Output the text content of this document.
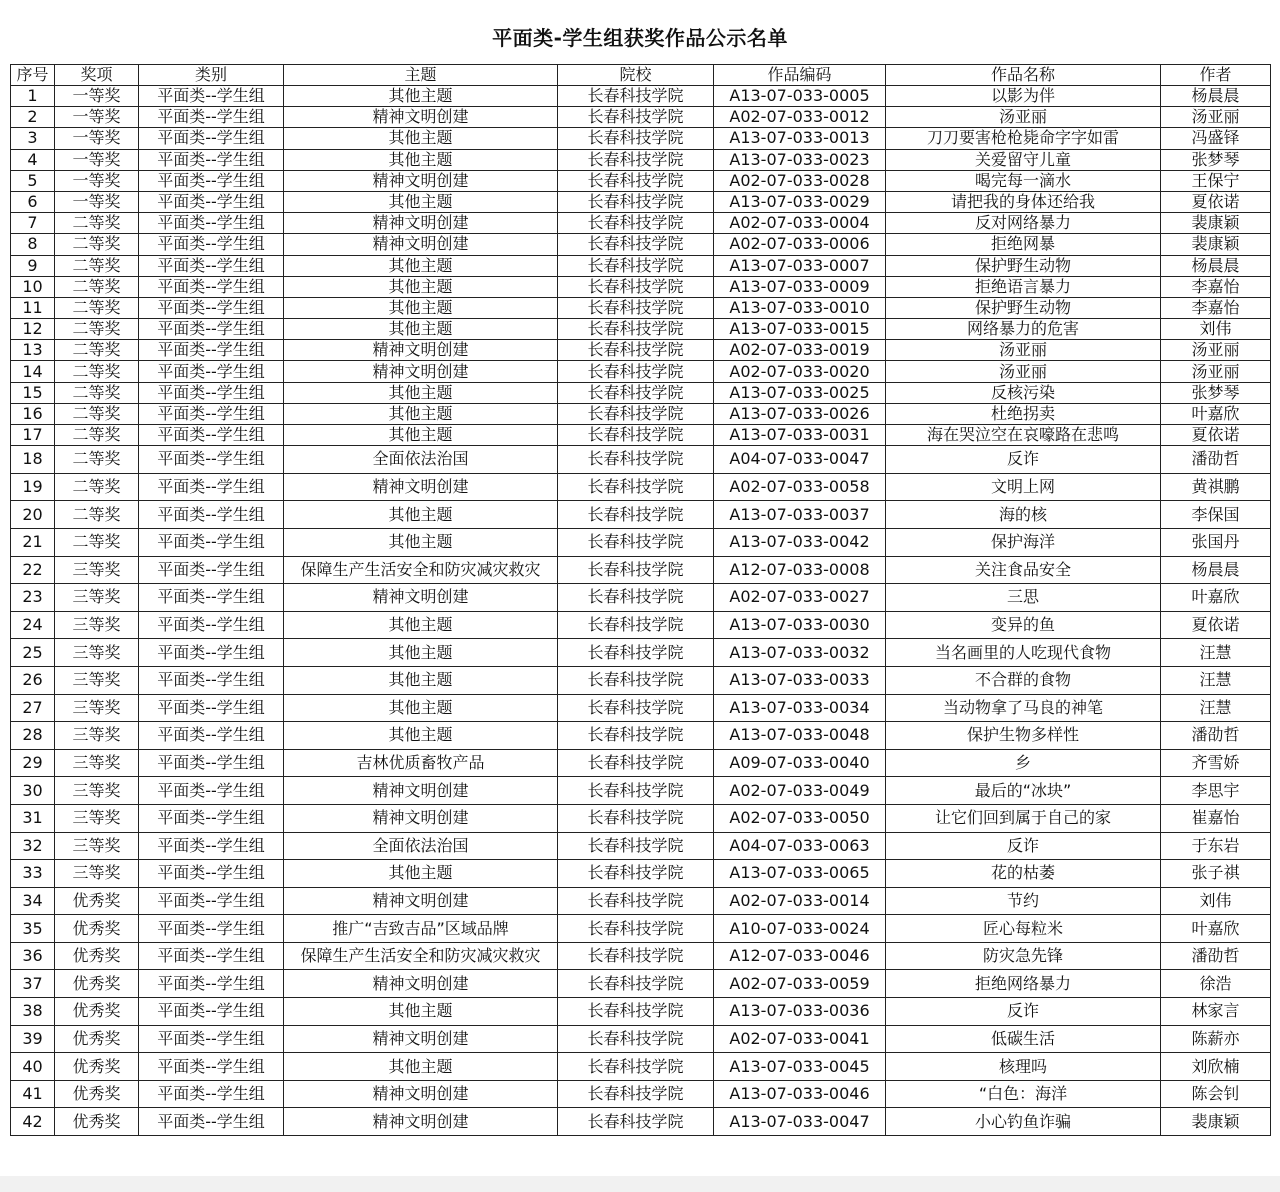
平面类-学生组获奖作品公示名单
序号	奖项	类别	主题	院校	作品编码	作品名称	作者
1	一等奖	平面类--学生组	其他主题	长春科技学院	A13-07-033-0005	以影为伴	杨晨晨
2	一等奖	平面类--学生组	精神文明创建	长春科技学院	A02-07-033-0012	汤亚丽	汤亚丽
3	一等奖	平面类--学生组	其他主题	长春科技学院	A13-07-033-0013	刀刀要害枪枪毙命字字如雷	冯盛铎
4	一等奖	平面类--学生组	其他主题	长春科技学院	A13-07-033-0023	关爱留守儿童	张梦琴
5	一等奖	平面类--学生组	精神文明创建	长春科技学院	A02-07-033-0028	喝完每一滴水	王保宁
6	一等奖	平面类--学生组	其他主题	长春科技学院	A13-07-033-0029	请把我的身体还给我	夏依诺
7	二等奖	平面类--学生组	精神文明创建	长春科技学院	A02-07-033-0004	反对网络暴力	裴康颖
8	二等奖	平面类--学生组	精神文明创建	长春科技学院	A02-07-033-0006	拒绝网暴	裴康颖
9	二等奖	平面类--学生组	其他主题	长春科技学院	A13-07-033-0007	保护野生动物	杨晨晨
10	二等奖	平面类--学生组	其他主题	长春科技学院	A13-07-033-0009	拒绝语言暴力	李嘉怡
11	二等奖	平面类--学生组	其他主题	长春科技学院	A13-07-033-0010	保护野生动物	李嘉怡
12	二等奖	平面类--学生组	其他主题	长春科技学院	A13-07-033-0015	网络暴力的危害	刘伟
13	二等奖	平面类--学生组	精神文明创建	长春科技学院	A02-07-033-0019	汤亚丽	汤亚丽
14	二等奖	平面类--学生组	精神文明创建	长春科技学院	A02-07-033-0020	汤亚丽	汤亚丽
15	二等奖	平面类--学生组	其他主题	长春科技学院	A13-07-033-0025	反核污染	张梦琴
16	二等奖	平面类--学生组	其他主题	长春科技学院	A13-07-033-0026	杜绝拐卖	叶嘉欣
17	二等奖	平面类--学生组	其他主题	长春科技学院	A13-07-033-0031	海在哭泣空在哀嚎路在悲鸣	夏依诺
18	二等奖	平面类--学生组	全面依法治国	长春科技学院	A04-07-033-0047	反诈	潘劭哲
19	二等奖	平面类--学生组	精神文明创建	长春科技学院	A02-07-033-0058	文明上网	黄祺鹏
20	二等奖	平面类--学生组	其他主题	长春科技学院	A13-07-033-0037	海的核	李保国
21	二等奖	平面类--学生组	其他主题	长春科技学院	A13-07-033-0042	保护海洋	张国丹
22	三等奖	平面类--学生组	保障生产生活安全和防灾减灾救灾	长春科技学院	A12-07-033-0008	关注食品安全	杨晨晨
23	三等奖	平面类--学生组	精神文明创建	长春科技学院	A02-07-033-0027	三思	叶嘉欣
24	三等奖	平面类--学生组	其他主题	长春科技学院	A13-07-033-0030	变异的鱼	夏依诺
25	三等奖	平面类--学生组	其他主题	长春科技学院	A13-07-033-0032	当名画里的人吃现代食物	汪慧
26	三等奖	平面类--学生组	其他主题	长春科技学院	A13-07-033-0033	不合群的食物	汪慧
27	三等奖	平面类--学生组	其他主题	长春科技学院	A13-07-033-0034	当动物拿了马良的神笔	汪慧
28	三等奖	平面类--学生组	其他主题	长春科技学院	A13-07-033-0048	保护生物多样性	潘劭哲
29	三等奖	平面类--学生组	吉林优质畜牧产品	长春科技学院	A09-07-033-0040	乡	齐雪娇
30	三等奖	平面类--学生组	精神文明创建	长春科技学院	A02-07-033-0049	最后的“冰块”	李思宇
31	三等奖	平面类--学生组	精神文明创建	长春科技学院	A02-07-033-0050	让它们回到属于自己的家	崔嘉怡
32	三等奖	平面类--学生组	全面依法治国	长春科技学院	A04-07-033-0063	反诈	于东岩
33	三等奖	平面类--学生组	其他主题	长春科技学院	A13-07-033-0065	花的枯萎	张子祺
34	优秀奖	平面类--学生组	精神文明创建	长春科技学院	A02-07-033-0014	节约	刘伟
35	优秀奖	平面类--学生组	推广“吉致吉品”区域品牌	长春科技学院	A10-07-033-0024	匠心每粒米	叶嘉欣
36	优秀奖	平面类--学生组	保障生产生活安全和防灾减灾救灾	长春科技学院	A12-07-033-0046	防灾急先锋	潘劭哲
37	优秀奖	平面类--学生组	精神文明创建	长春科技学院	A02-07-033-0059	拒绝网络暴力	徐浩
38	优秀奖	平面类--学生组	其他主题	长春科技学院	A13-07-033-0036	反诈	林家言
39	优秀奖	平面类--学生组	精神文明创建	长春科技学院	A02-07-033-0041	低碳生活	陈薪亦
40	优秀奖	平面类--学生组	其他主题	长春科技学院	A13-07-033-0045	核理吗	刘欣楠
41	优秀奖	平面类--学生组	精神文明创建	长春科技学院	A13-07-033-0046	“白色：海洋	陈会钊
42	优秀奖	平面类--学生组	精神文明创建	长春科技学院	A13-07-033-0047	小心钓鱼诈骗	裴康颖
